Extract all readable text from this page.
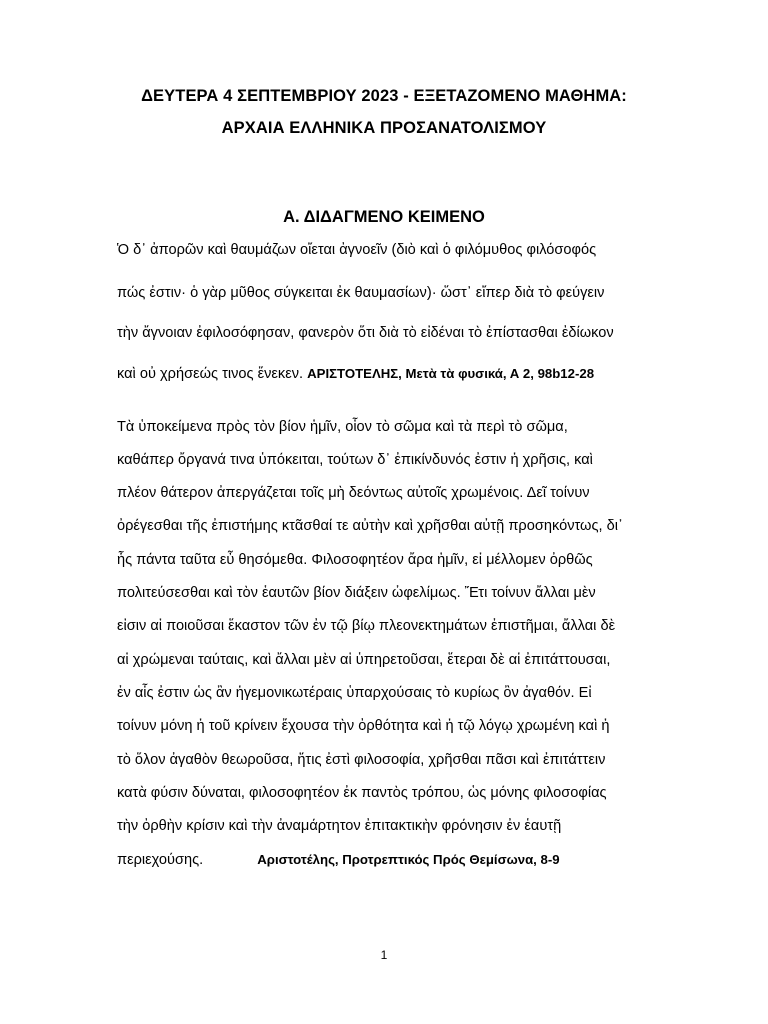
ΔΕΥΤΕΡΑ 4 ΣΕΠΤΕΜΒΡΙΟΥ 2023 - ΕΞΕΤΑΖΟΜΕΝΟ ΜΑΘΗΜΑ:
ΑΡΧΑΙΑ ΕΛΛΗΝΙΚΑ ΠΡΟΣΑΝΑΤΟΛΙΣΜΟΥ
Α. ΔΙΔΑΓΜΕΝΟ ΚΕΙΜΕΝΟ
Ὁ δ᾽ ἀπορῶν καὶ θαυμάζων οἴεται ἀγνοεῖν (διὸ καὶ ὁ φιλόμυθος φιλόσοφός
πώς ἐστιν· ὁ γὰρ μῦθος σύγκειται ἐκ θαυμασίων)· ὥστ᾽ εἴπερ διὰ τὸ φεύγειν
τὴν ἄγνοιαν ἐφιλοσόφησαν, φανερὸν ὅτι διὰ τὸ εἰδέναι τὸ ἐπίστασθαι ἐδίωκον
καὶ οὐ χρήσεώς τινος ἕνεκεν. ΑΡΙΣΤΟΤΕΛΗΣ, Μετὰ τὰ φυσικά, Α 2, 98b12-28
Τὰ ὑποκείμενα πρὸς τὸν βίον ἡμῖν, οἷον τὸ σῶμα καὶ τὰ περὶ τὸ σῶμα,
καθάπερ ὄργανά τινα ὑπόκειται, τούτων δ᾽ ἐπικίνδυνός ἐστιν ἡ χρῆσις, καὶ
πλέον θάτερον ἀπεργάζεται τοῖς μὴ δεόντως αὐτοῖς χρωμένοις. Δεῖ τοίνυν
ὀρέγεσθαι τῆς ἐπιστήμης κτᾶσθαί τε αὐτὴν καὶ χρῆσθαι αὐτῇ προσηκόντως, δι᾽
ἧς πάντα ταῦτα εὖ θησόμεθα. Φιλοσοφητέον ἄρα ἡμῖν, εἰ μέλλομεν ὀρθῶς
πολιτεύσεσθαι καὶ τὸν ἑαυτῶν βίον διάξειν ὠφελίμως. Ἔτι τοίνυν ἄλλαι μὲν
εἰσιν αἱ ποιοῦσαι ἕκαστον τῶν ἐν τῷ βίῳ πλεονεκτημάτων ἐπιστῆμαι, ἄλλαι δὲ
αἱ χρώμεναι ταύταις, καὶ ἄλλαι μὲν αἱ ὑπηρετοῦσαι, ἕτεραι δὲ αἱ ἐπιτάττουσαι,
ἐν αἷς ἐστιν ὡς ἂν ἡγεμονικωτέραις ὑπαρχούσαις τὸ κυρίως ὂν ἀγαθόν. Εἰ
τοίνυν μόνη ἡ τοῦ κρίνειν ἔχουσα τὴν ὀρθότητα καὶ ἡ τῷ λόγῳ χρωμένη καὶ ἡ
τὸ ὅλον ἀγαθὸν θεωροῦσα, ἥτις ἐστὶ φιλοσοφία, χρῆσθαι πᾶσι καὶ ἐπιτάττειν
κατὰ φύσιν δύναται, φιλοσοφητέον ἐκ παντὸς τρόπου, ὡς μόνης φιλοσοφίας
τὴν ὀρθὴν κρίσιν καὶ τὴν ἀναμάρτητον ἐπιτακτικὴν φρόνησιν ἐν ἑαυτῇ
περιεχούσης.	Αριστοτέλης, Προτρεπτικός Πρός Θεμίσωνα, 8-9
1
